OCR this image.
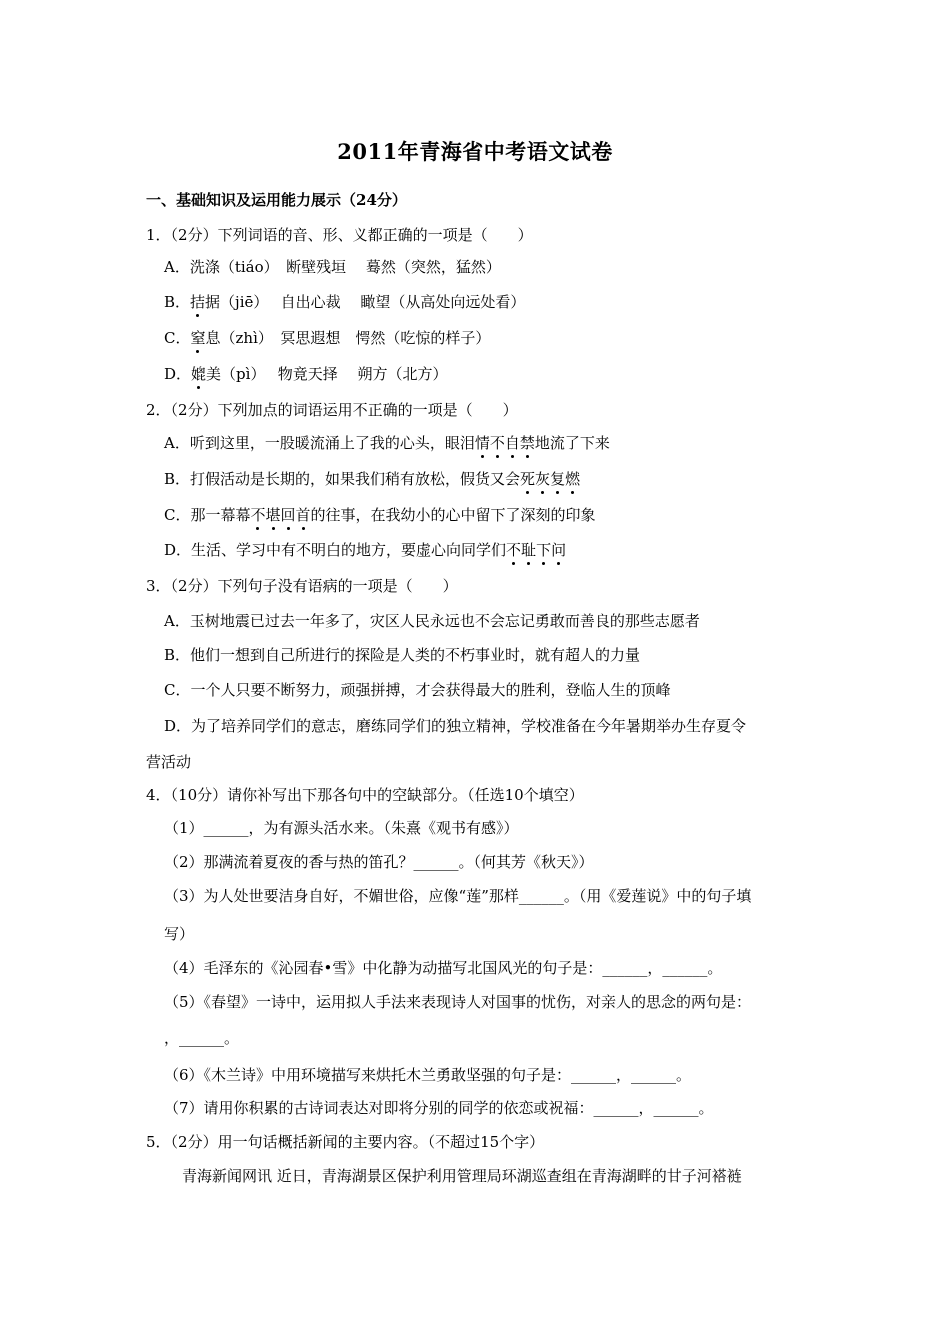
2011年青海省中考语文试卷
一、基础知识及运用能力展示（24分）
1．（2分）下列词语的音、形、义都正确的一项是（　　）
A．洗涤（tiáo）　断壁残垣　 蓦然（突然，猛然）
B．拮据（jiē）　 自出心裁　 瞰望（从高处向远处看）
C．窒息（zhì）　冥思遐想　愕然（吃惊的样子）
D．媲美（pì）　 物竟天择　 朔方（北方）
2．（2分）下列加点的词语运用不正确的一项是（　　）
A．听到这里，一股暖流涌上了我的心头，眼泪情不自禁地流了下来
B．打假活动是长期的，如果我们稍有放松，假货又会死灰复燃
C．那一幕幕不堪回首的往事，在我幼小的心中留下了深刻的印象
D．生活、学习中有不明白的地方，要虚心向同学们不耻下问
3．（2分）下列句子没有语病的一项是（　　）
A．玉树地震已过去一年多了，灾区人民永远也不会忘记勇敢而善良的那些志愿者
B．他们一想到自己所进行的探险是人类的不朽事业时，就有超人的力量
C．一个人只要不断努力，顽强拼搏，才会获得最大的胜利，登临人生的顶峰
D．为了培养同学们的意志，磨练同学们的独立精神，学校准备在今年暑期举办生存夏令
营活动
4．（10分）请你补写出下那各句中的空缺部分。（任选10个填空）
（1）______，为有源头活水来。（朱熹《观书有感》）
（2）那满流着夏夜的香与热的笛孔？______。（何其芳《秋天》）
（3）为人处世要洁身自好，不媚世俗，应像“莲”那样______。（用《爱莲说》中的句子填
写）
（4）毛泽东的《沁园春•雪》中化静为动描写北国风光的句子是：______，______。
（5）《春望》一诗中，运用拟人手法来表现诗人对国事的忧伤，对亲人的思念的两句是：
，______。
（6）《木兰诗》中用环境描写来烘托木兰勇敢坚强的句子是：______，______。
（7）请用你积累的古诗词表达对即将分别的同学的依恋或祝福：______，______。
5．（2分）用一句话概括新闻的主要内容。（不超过15个字）
青海新闻网讯 近日，青海湖景区保护利用管理局环湖巡查组在青海湖畔的甘子河褡裢
